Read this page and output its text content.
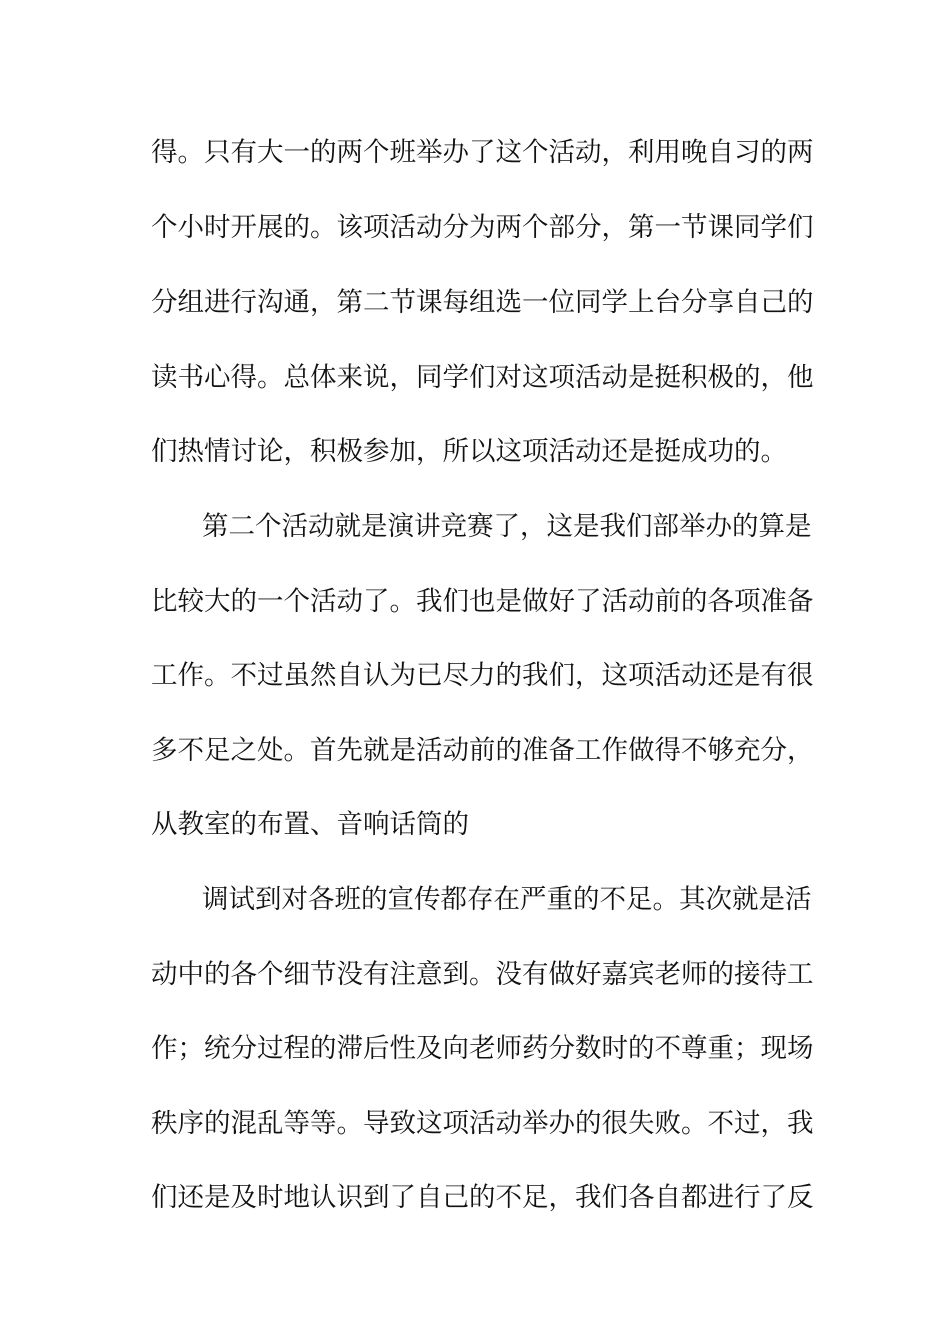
得。只有大一的两个班举办了这个活动，利用晚自习的两
个小时开展的。该项活动分为两个部分，第一节课同学们
分组进行沟通，第二节课每组选一位同学上台分享自己的
读书心得。总体来说，同学们对这项活动是挺积极的，他
们热情讨论，积极参加，所以这项活动还是挺成功的。
第二个活动就是演讲竞赛了，这是我们部举办的算是
比较大的一个活动了。我们也是做好了活动前的各项准备
工作。不过虽然自认为已尽力的我们，这项活动还是有很
多不足之处。首先就是活动前的准备工作做得不够充分，
从教室的布置、音响话筒的
调试到对各班的宣传都存在严重的不足。其次就是活
动中的各个细节没有注意到。没有做好嘉宾老师的接待工
作；统分过程的滞后性及向老师药分数时的不尊重；现场
秩序的混乱等等。导致这项活动举办的很失败。不过，我
们还是及时地认识到了自己的不足，我们各自都进行了反
